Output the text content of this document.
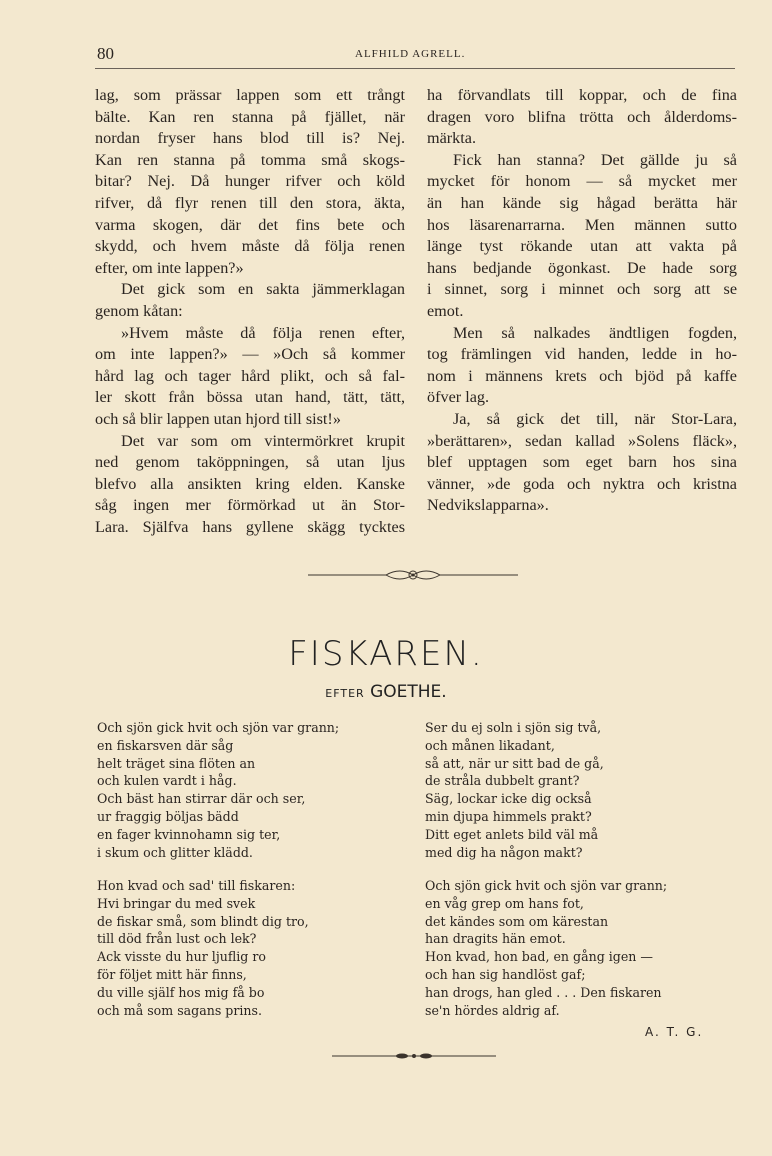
80	ALFHILD AGRELL.
lag, som prässar lappen som ett trångt
bälte. Kan ren stanna på fjället, när
nordan fryser hans blod till is? Nej.
Kan ren stanna på tomma små skogs-
bitar? Nej. Då hunger rifver och köld
rifver, då flyr renen till den stora, äkta,
varma skogen, där det fins bete och
skydd, och hvem måste då följa renen
efter, om inte lappen?»
Det gick som en sakta jämmerklagan
genom kåtan:
»Hvem måste då följa renen efter,
om inte lappen?» — »Och så kommer
hård lag och tager hård plikt, och så fal-
ler skott från bössa utan hand, tätt, tätt,
och så blir lappen utan hjord till sist!»
Det var som om vintermörkret krupit
ned genom taköppningen, så utan ljus
blefvo alla ansikten kring elden. Kanske
såg ingen mer förmörkad ut än Stor-
Lara. Själfva hans gyllene skägg tycktes
ha förvandlats till koppar, och de fina
dragen voro blifna trötta och ålderdoms-
märkta.
Fick han stanna? Det gällde ju så
mycket för honom — så mycket mer
än han kände sig hågad berätta här
hos läsarenarrarna. Men männen sutto
länge tyst rökande utan att vakta på
hans bedjande ögonkast. De hade sorg
i sinnet, sorg i minnet och sorg att se
emot.
Men så nalkades ändtligen fogden,
tog främlingen vid handen, ledde in ho-
nom i männens krets och bjöd på kaffe
öfver lag.
Ja, så gick det till, när Stor-Lara,
»berättaren», sedan kallad »Solens fläck»,
blef upptagen som eget barn hos sina
vänner, »de goda och nyktra och kristna
Nedvikslapparna».
FISKAREN.
EFTER GOETHE.
Och sjön gick hvit och sjön var grann;
en fiskarsven där såg
helt träget sina flöten an
och kulen vardt i håg.
Och bäst han stirrar där och ser,
ur fraggig böljas bädd
en fager kvinnohamn sig ter,
i skum och glitter klädd.
Ser du ej soln i sjön sig två,
och månen likadant,
så att, när ur sitt bad de gå,
de stråla dubbelt grant?
Säg, lockar icke dig också
min djupa himmels prakt?
Ditt eget anlets bild väl må
med dig ha någon makt?
Hon kvad och sad' till fiskaren:
Hvi bringar du med svek
de fiskar små, som blindt dig tro,
till död från lust och lek?
Ack visste du hur ljuflig ro
för följet mitt här finns,
du ville själf hos mig få bo
och må som sagans prins.
Och sjön gick hvit och sjön var grann;
en våg grep om hans fot,
det kändes som om kärestan
han dragits hän emot.
Hon kvad, hon bad, en gång igen —
och han sig handlöst gaf;
han drogs, han gled . . . Den fiskaren
se'n hördes aldrig af.
A. T. G.
